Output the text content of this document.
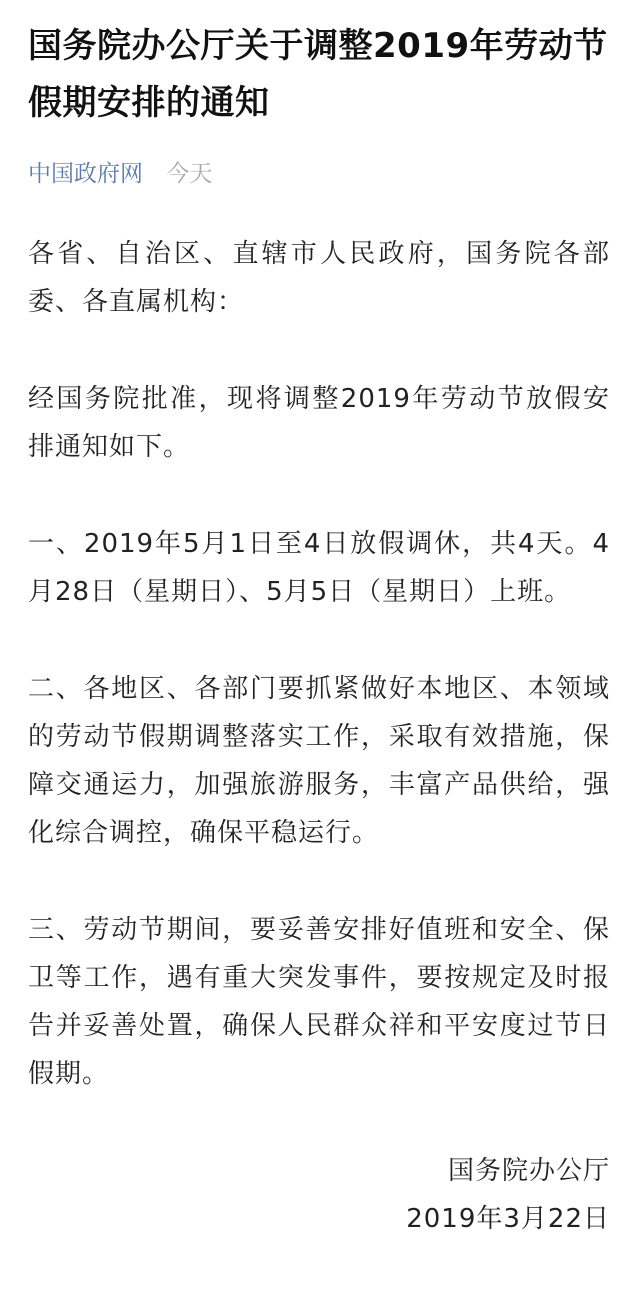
国务院办公厅关于调整2019年劳动节假期安排的通知
中国政府网 今天

各省、自治区、直辖市人民政府，国务院各部委、各直属机构：

经国务院批准，现将调整2019年劳动节放假安排通知如下。

一、2019年5月1日至4日放假调休，共4天。4月28日（星期日）、5月5日（星期日）上班。

二、各地区、各部门要抓紧做好本地区、本领域的劳动节假期调整落实工作，采取有效措施，保障交通运力，加强旅游服务，丰富产品供给，强化综合调控，确保平稳运行。

三、劳动节期间，要妥善安排好值班和安全、保卫等工作，遇有重大突发事件，要按规定及时报告并妥善处置，确保人民群众祥和平安度过节日假期。

国务院办公厅
2019年3月22日
